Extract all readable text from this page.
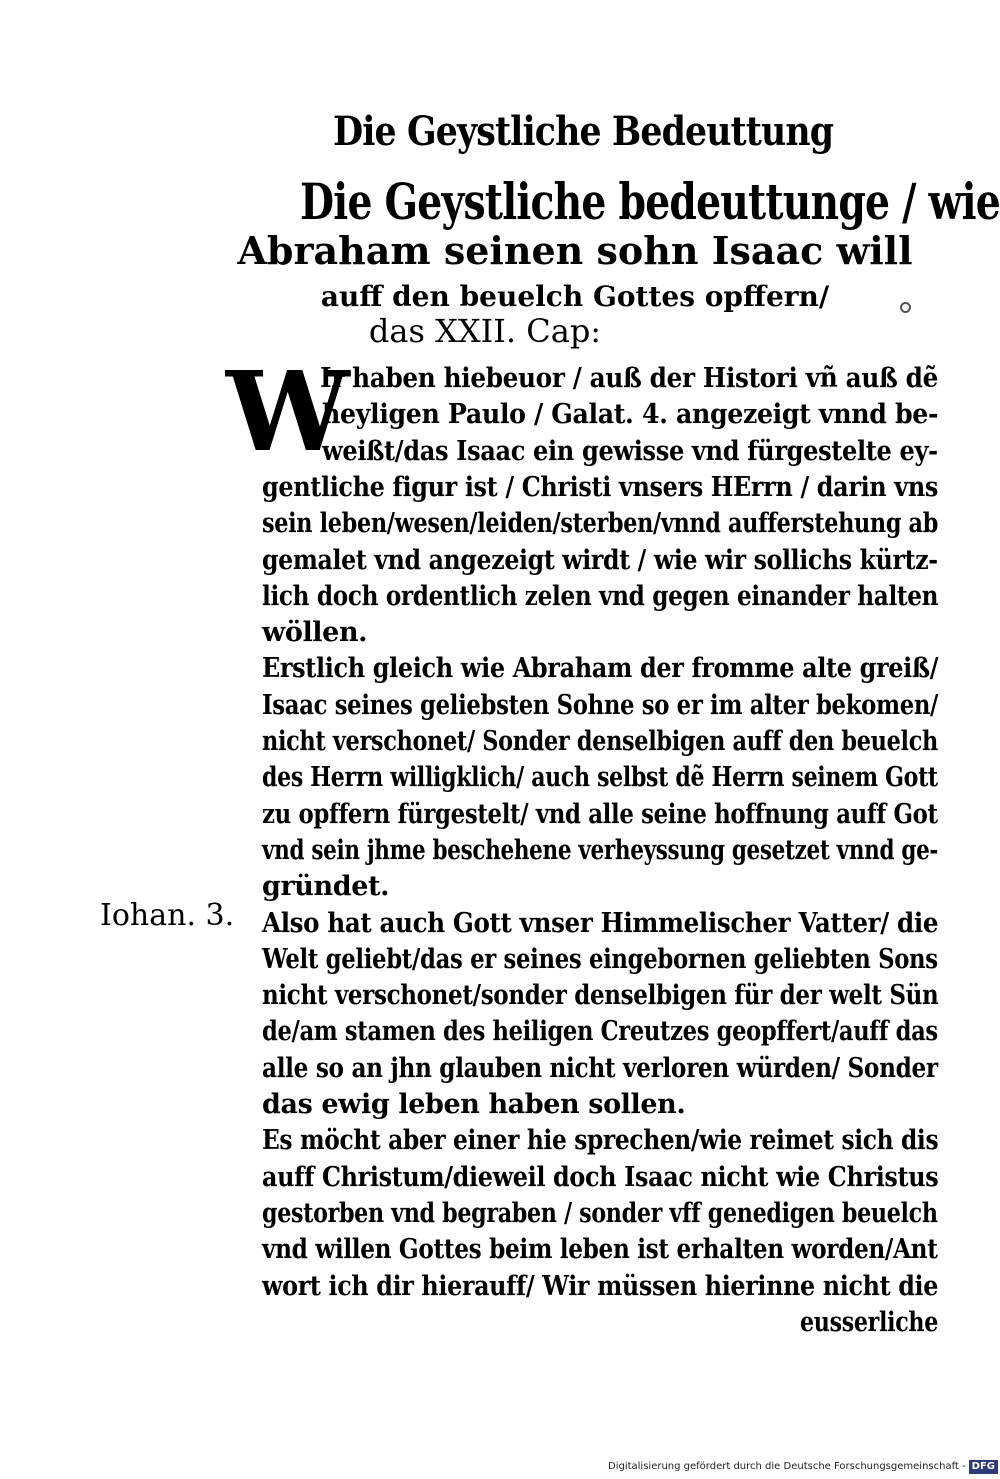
Die Geystliche Bedeuttung
Die Geystliche bedeuttunge / wie
Abraham seinen sohn Isaac will
auff den beuelch Gottes opffern/
das XXII. Cap:
W
Ir haben hiebeuor / auß der Histori vñ auß dẽ
heyligen Paulo / Galat. 4. angezeigt vnnd be-
weißt/das Isaac ein gewisse vnd fürgestelte ey-
gentliche figur ist / Christi vnsers HErrn / darin vns
sein leben/wesen/leiden/sterben/vnnd aufferstehung ab
gemalet vnd angezeigt wirdt / wie wir sollichs kürtz-
lich doch ordentlich zelen vnd gegen einander halten
wöllen.
Erstlich gleich wie Abraham der fromme alte greiß/
Isaac seines geliebsten Sohne so er im alter bekomen/
nicht verschonet/ Sonder denselbigen auff den beuelch
des Herrn willigklich/ auch selbst dẽ Herrn seinem Gott
zu opffern fürgestelt/ vnd alle seine hoffnung auff Got
vnd sein jhme beschehene verheyssung gesetzet vnnd ge-
gründet.
Also hat auch Gott vnser Himmelischer Vatter/ die
Welt geliebt/das er seines eingebornen geliebten Sons
nicht verschonet/sonder denselbigen für der welt Sün
de/am stamen des heiligen Creutzes geopffert/auff das
alle so an jhn glauben nicht verloren würden/ Sonder
das ewig leben haben sollen.
Es möcht aber einer hie sprechen/wie reimet sich dis
auff Christum/dieweil doch Isaac nicht wie Christus
gestorben vnd begraben / sonder vff genedigen beuelch
vnd willen Gottes beim leben ist erhalten worden/Ant
wort ich dir hierauff/ Wir müssen hierinne nicht die
eusserliche
Iohan. 3.
Digitalisierung gefördert durch die Deutsche Forschungsgemeinschaft - DFG
